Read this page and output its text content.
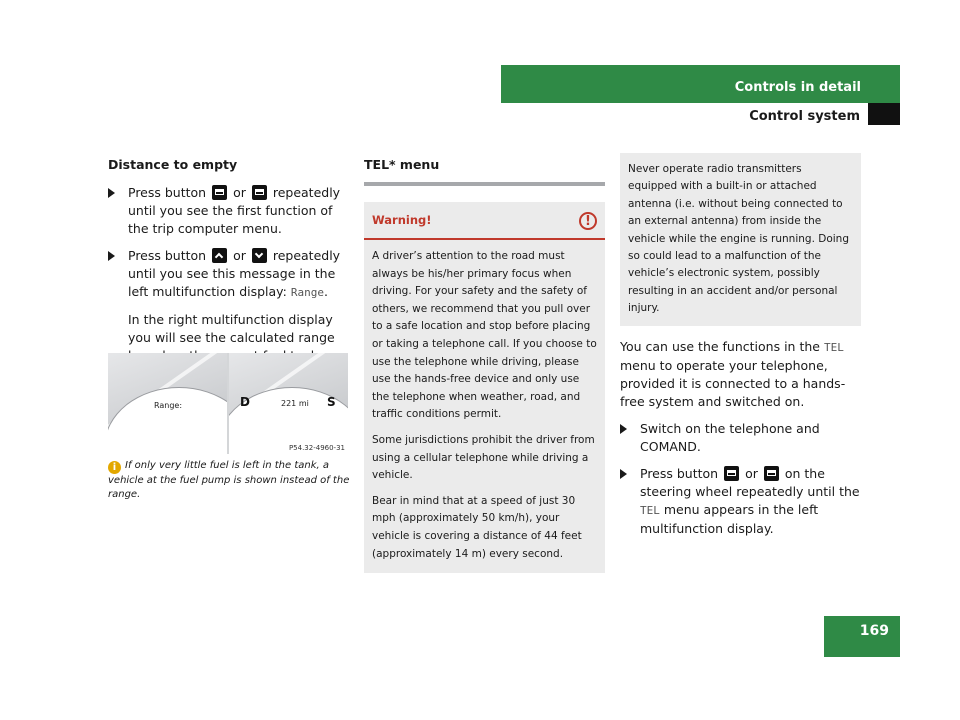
Controls in detail
Control system
Distance to empty
Press button or repeatedly until you see the first function of the trip computer menu.
Press button or repeatedly until you see this message in the left multifunction display: Range.
In the right multifunction display you will see the calculated range
Range:	D	221 mi S
P54.32-4960-31
i If only very little fuel is left in the tank, a vehicle at the fuel pump is shown instead of the range.
TEL* menu
Warning!
!

A driver’s attention to the road must always be his/her primary focus when driving. For your safety and the safety of others, we recommend that you pull over to a safe location and stop before placing or taking a telephone call. If you choose to use the telephone while driving, please use the hands-free device and only use the telephone when weather, road, and traffic conditions permit.

Some jurisdictions prohibit the driver from using a cellular telephone while driving a vehicle.

Bear in mind that at a speed of just 30 mph (approximately 50 km/h), your vehicle is covering a distance of 44 feet (approximately 14 m) every second.

Never operate radio transmitters equipped with a built-in or attached antenna (i.e. without being connected to an external antenna) from inside the vehicle while the engine is running. Doing so could lead to a malfunction of the vehicle’s electronic system, possibly resulting in an accident and/or personal injury.
You can use the functions in the TEL menu to operate your telephone, provided it is connected to a hands-free system and switched on.
Switch on the telephone and COMAND.
Press button or on the steering wheel repeatedly until the TEL menu appears in the left multifunction display.
169
